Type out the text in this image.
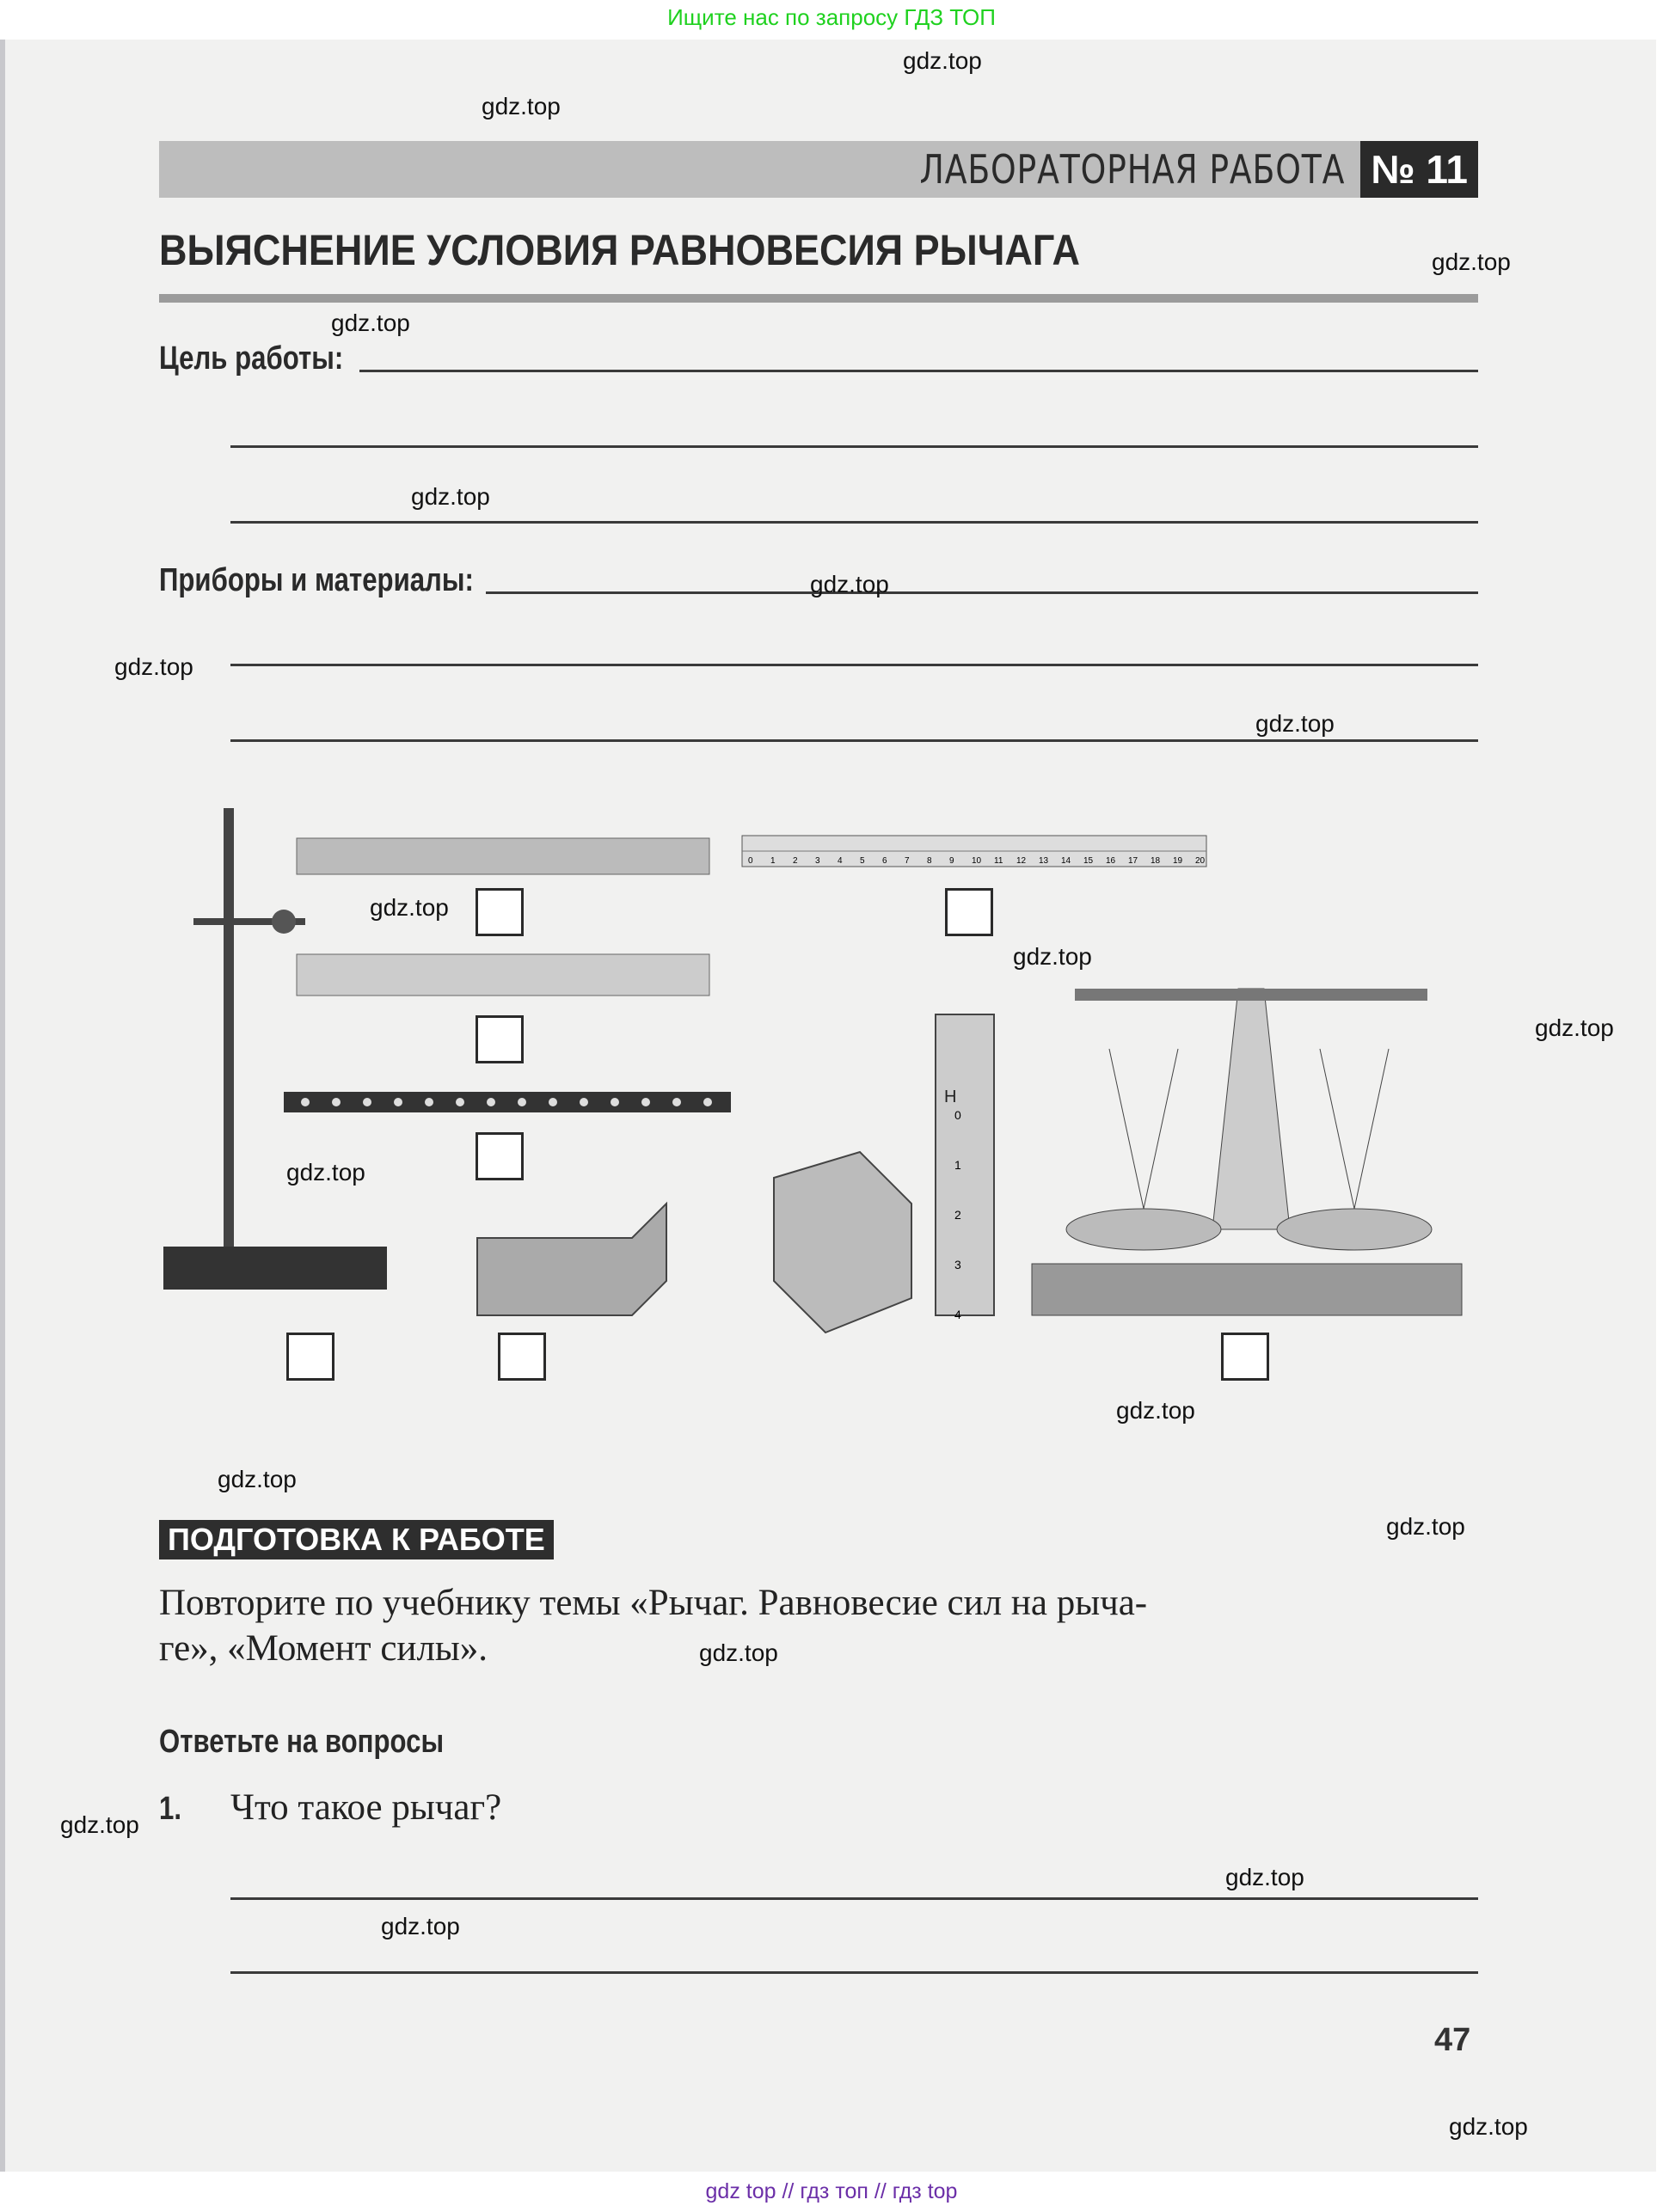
Ищите нас по запросу ГДЗ ТОП
ЛАБОРАТОРНАЯ РАБОТА № 11
ВЫЯСНЕНИЕ УСЛОВИЯ РАВНОВЕСИЯ РЫЧАГА
Цель работы:
Приборы и материалы:
Н
0
1
2
3
4
0 1 2 3 4 5 6 7 8 9 10 11 12 13 14 15 16 17 18 19 20
ПОДГОТОВКА К РАБОТЕ
Повторите по учебнику темы «Рычаг. Равновесие сил на рыча-
ге», «Момент силы».
Ответьте на вопросы
1. Что такое рычаг?
47
gdz.top
gdz.top
gdz.top
gdz.top
gdz.top
gdz.top
gdz.top
gdz.top
gdz.top
gdz.top
gdz.top
gdz.top
gdz.top
gdz.top
gdz.top
gdz.top
gdz.top
gdz.top
gdz.top
gdz.top
gdz top // гдз топ // гдз top
